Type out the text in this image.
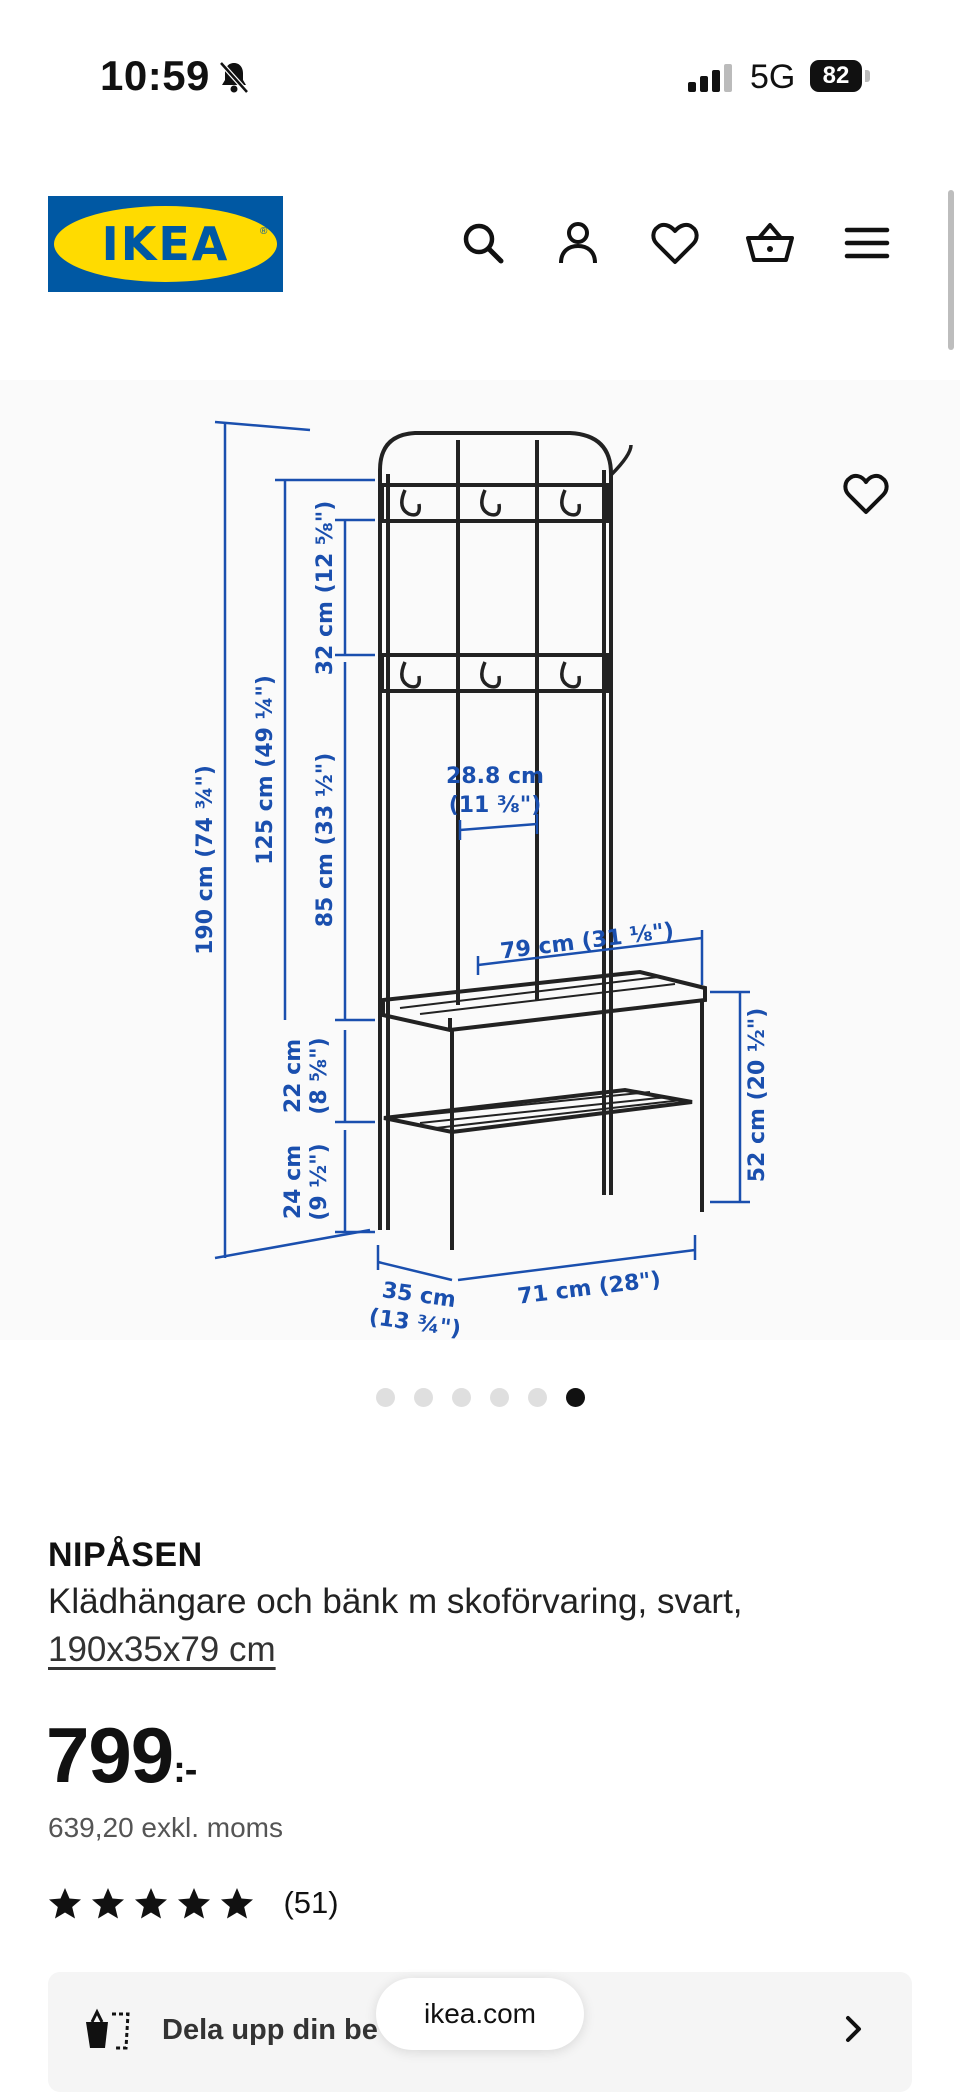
10:59	5G	82
IKEA	®
190 cm (74 ¾") 125 cm (49 ¼")
32 cm (12 ⅝")
85 cm (33 ½")
22 cm (8 ⅝")
24 cm (9 ½")
28.8 cm
(11 ⅜")
79 cm (31 ⅛")
52 cm (20 ½")
35 cm
(13 ¾")
71 cm (28")
NIPÅSEN
Klädhängare och bänk m skoförvaring, svart,
190x35x79 cm
799:-
639,20 exkl. moms
(51)
Dela upp din be
ikea.com
